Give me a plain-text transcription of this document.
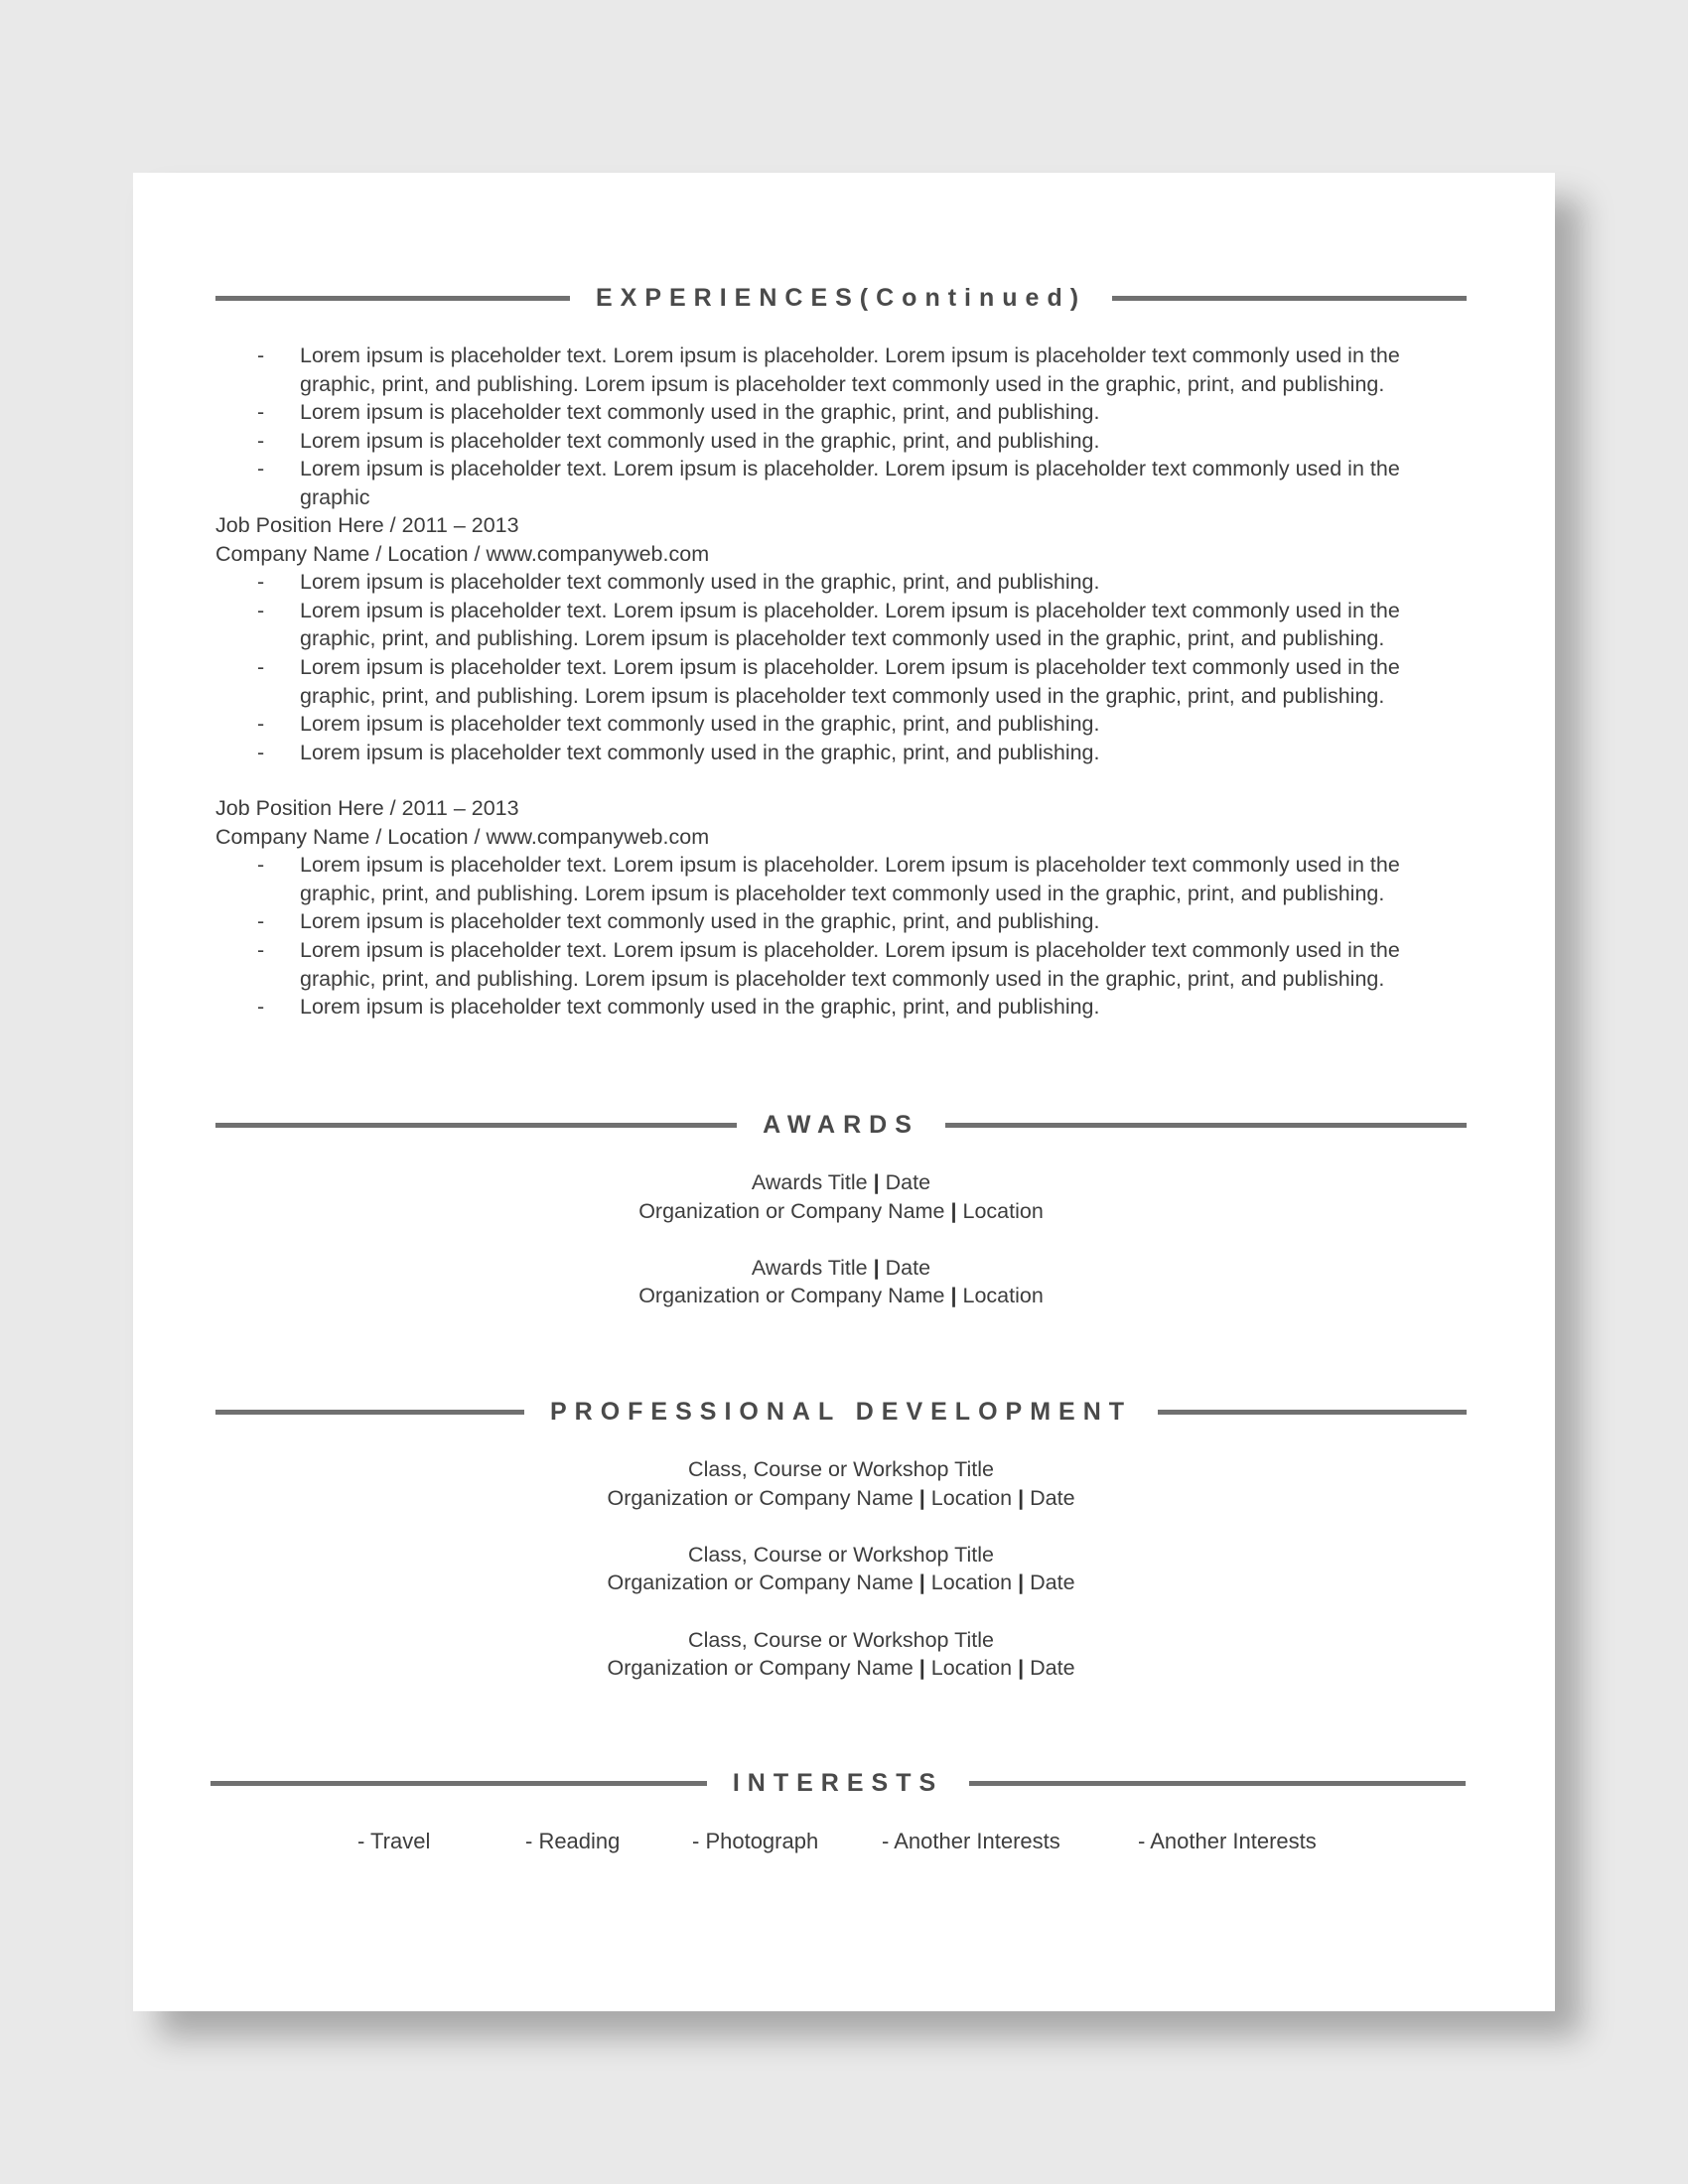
EXPERIENCES(Continued)
- Lorem ipsum is placeholder text. Lorem ipsum is placeholder. Lorem ipsum is placeholder text commonly used in the graphic, print, and publishing. Lorem ipsum is placeholder text commonly used in the graphic, print, and publishing.
- Lorem ipsum is placeholder text commonly used in the graphic, print, and publishing.
- Lorem ipsum is placeholder text commonly used in the graphic, print, and publishing.
- Lorem ipsum is placeholder text. Lorem ipsum is placeholder. Lorem ipsum is placeholder text commonly used in the graphic
Job Position Here / 2011 – 2013
Company Name / Location / www.companyweb.com
- Lorem ipsum is placeholder text commonly used in the graphic, print, and publishing.
- Lorem ipsum is placeholder text. Lorem ipsum is placeholder. Lorem ipsum is placeholder text commonly used in the graphic, print, and publishing. Lorem ipsum is placeholder text commonly used in the graphic, print, and publishing.
- Lorem ipsum is placeholder text. Lorem ipsum is placeholder. Lorem ipsum is placeholder text commonly used in the graphic, print, and publishing. Lorem ipsum is placeholder text commonly used in the graphic, print, and publishing.
- Lorem ipsum is placeholder text commonly used in the graphic, print, and publishing.
- Lorem ipsum is placeholder text commonly used in the graphic, print, and publishing.
Job Position Here / 2011 – 2013
Company Name / Location / www.companyweb.com
- Lorem ipsum is placeholder text. Lorem ipsum is placeholder. Lorem ipsum is placeholder text commonly used in the graphic, print, and publishing. Lorem ipsum is placeholder text commonly used in the graphic, print, and publishing.
- Lorem ipsum is placeholder text commonly used in the graphic, print, and publishing.
- Lorem ipsum is placeholder text. Lorem ipsum is placeholder. Lorem ipsum is placeholder text commonly used in the graphic, print, and publishing. Lorem ipsum is placeholder text commonly used in the graphic, print, and publishing.
- Lorem ipsum is placeholder text commonly used in the graphic, print, and publishing.
AWARDS
Awards Title | Date
Organization or Company Name | Location
Awards Title | Date
Organization or Company Name | Location
PROFESSIONAL DEVELOPMENT
Class, Course or Workshop Title
Organization or Company Name | Location | Date
Class, Course or Workshop Title
Organization or Company Name | Location | Date
Class, Course or Workshop Title
Organization or Company Name | Location | Date
INTERESTS
- Travel	- Reading	- Photograph	- Another Interests	- Another Interests
